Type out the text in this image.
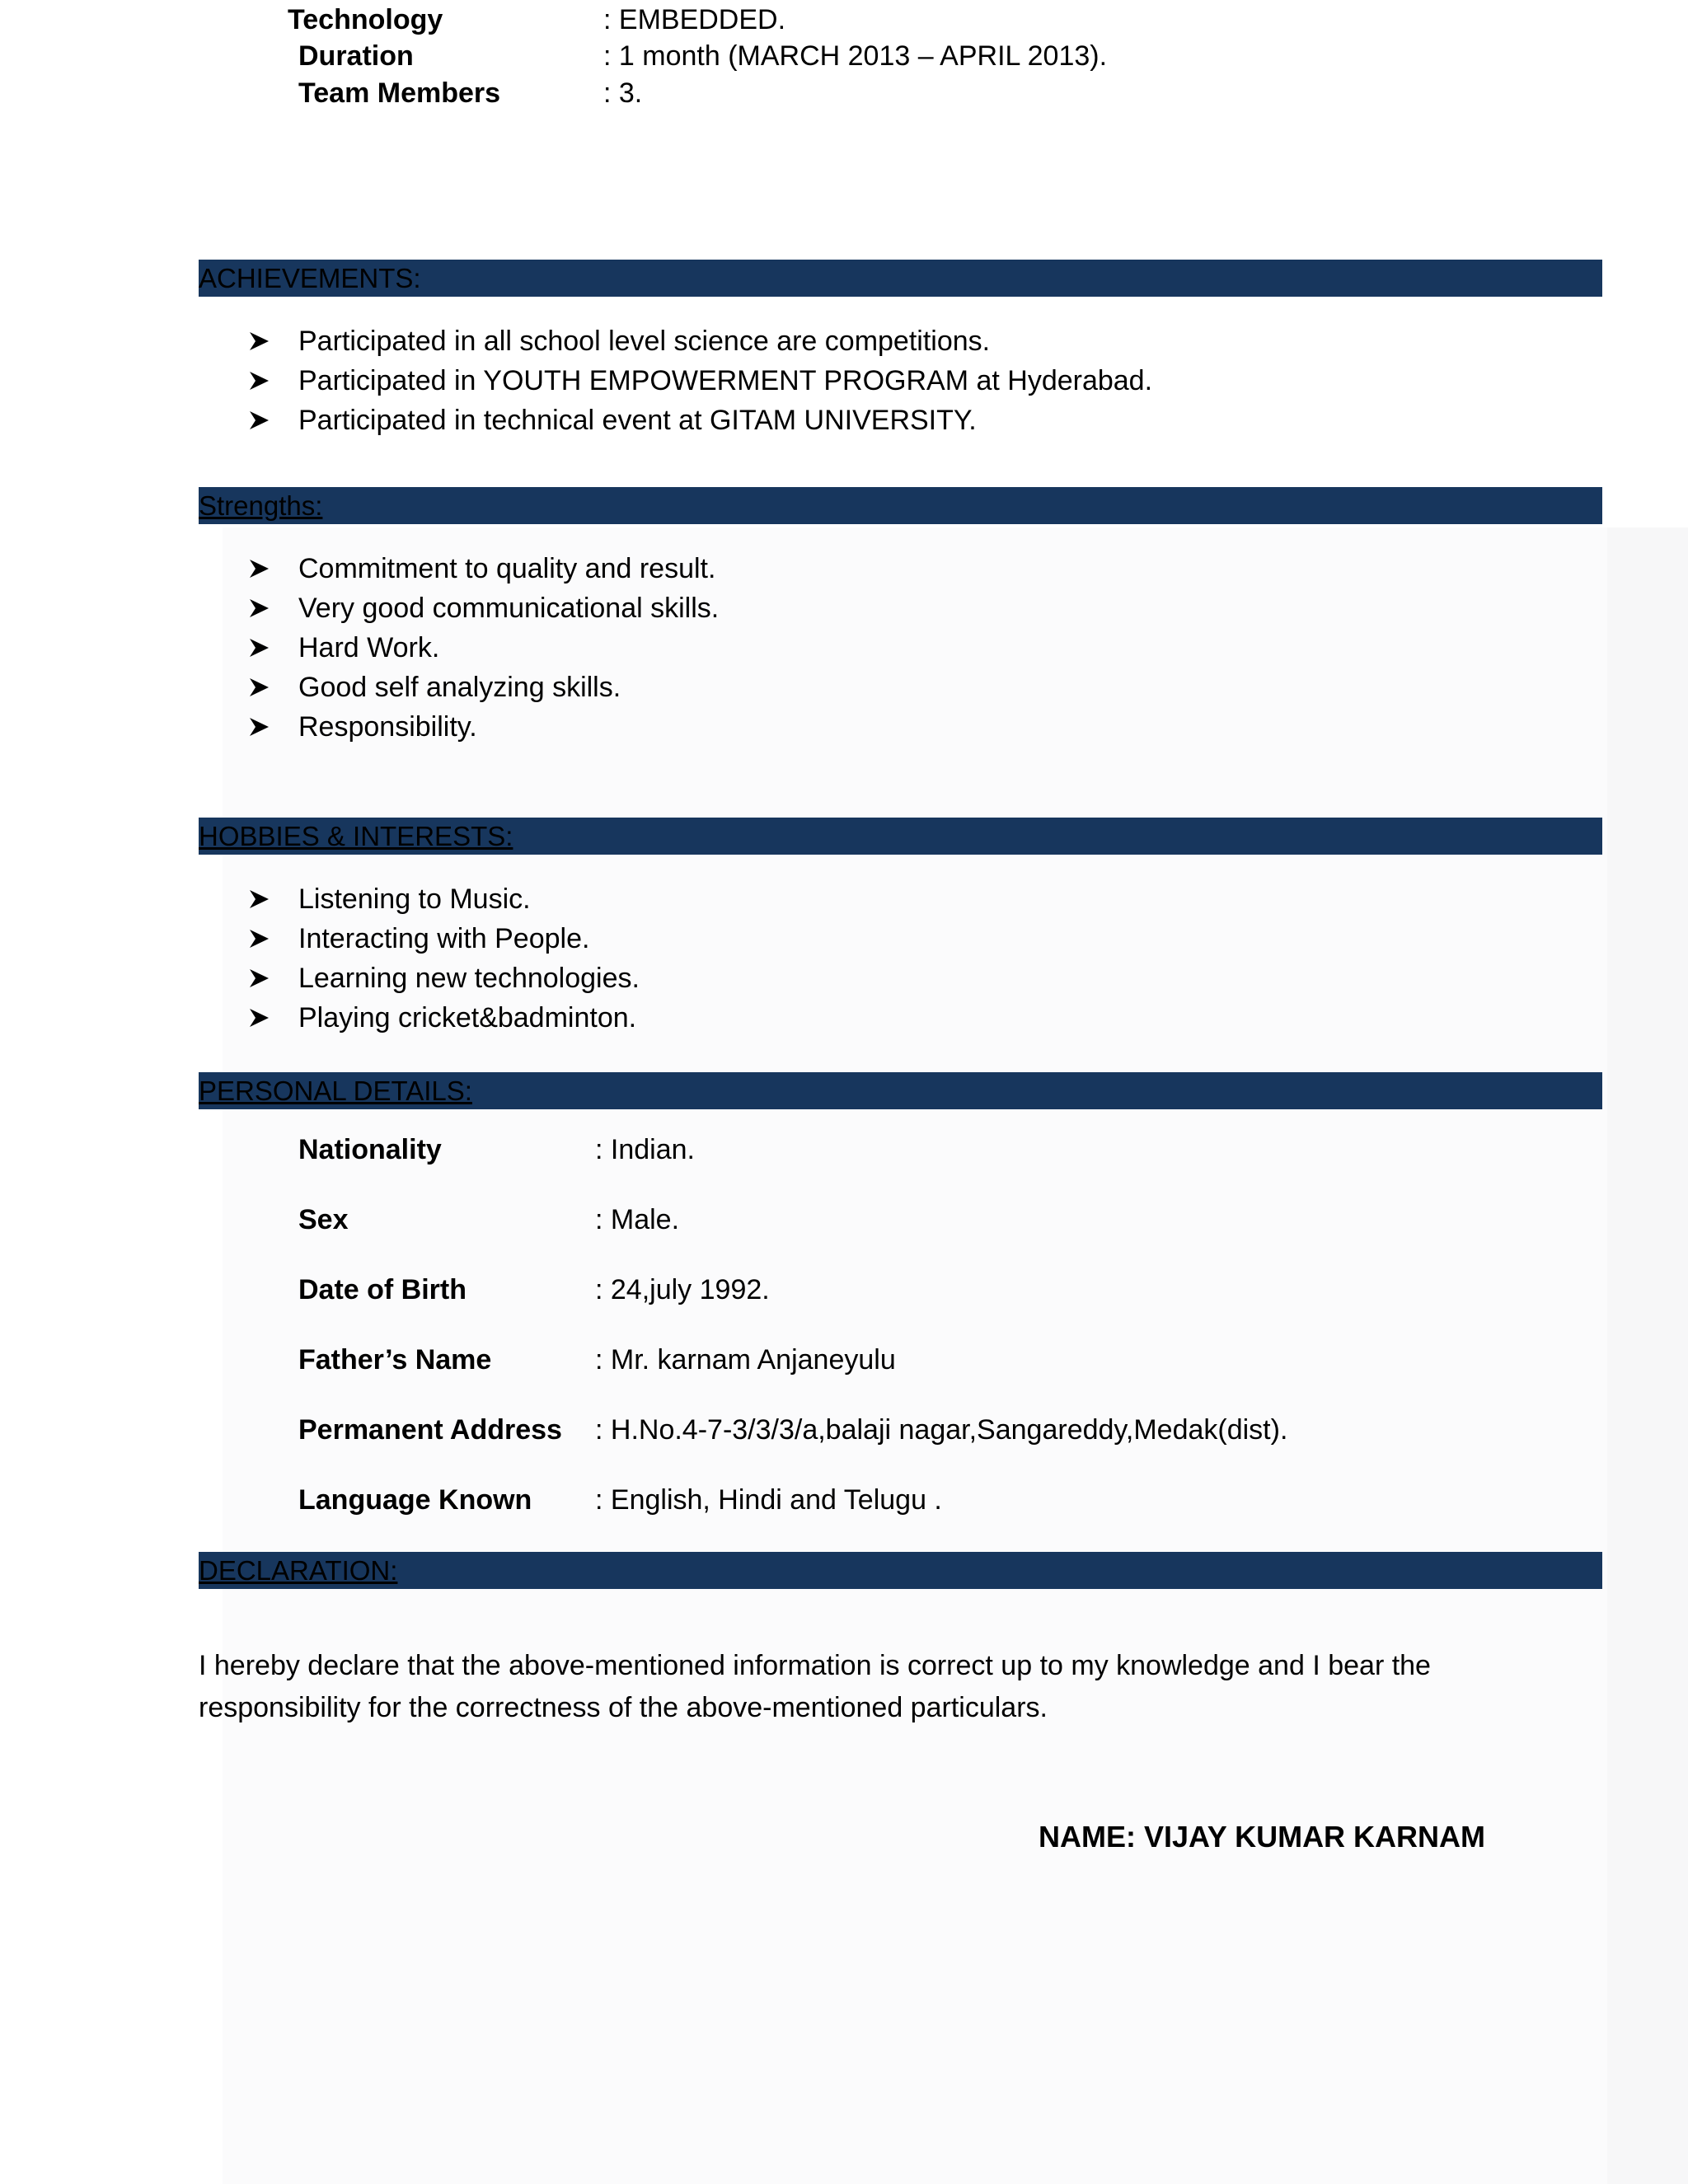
Technology	: EMBEDDED.
Duration	: 1 month (MARCH 2013 – APRIL 2013).
Team Members	: 3.
ACHIEVEMENTS:
Participated in all school level science are competitions.
Participated in YOUTH EMPOWERMENT PROGRAM at Hyderabad.
Participated in technical event at GITAM UNIVERSITY.
Strengths:
Commitment to quality and result.
Very good communicational skills.
Hard Work.
Good self analyzing skills.
Responsibility.
HOBBIES & INTERESTS:
Listening to Music.
Interacting with People.
Learning new technologies.
Playing cricket&badminton.
PERSONAL DETAILS:
Nationality	: Indian.
Sex	: Male.
Date of Birth	: 24,july 1992.
Father’s Name	: Mr. karnam Anjaneyulu
Permanent Address : H.No.4-7-3/3/3/a,balaji nagar,Sangareddy,Medak(dist).
Language Known : English, Hindi and Telugu .
DECLARATION:
I hereby declare that the above-mentioned information is correct up to my knowledge and I bear the responsibility for the correctness of the above-mentioned particulars.
NAME: VIJAY KUMAR KARNAM
